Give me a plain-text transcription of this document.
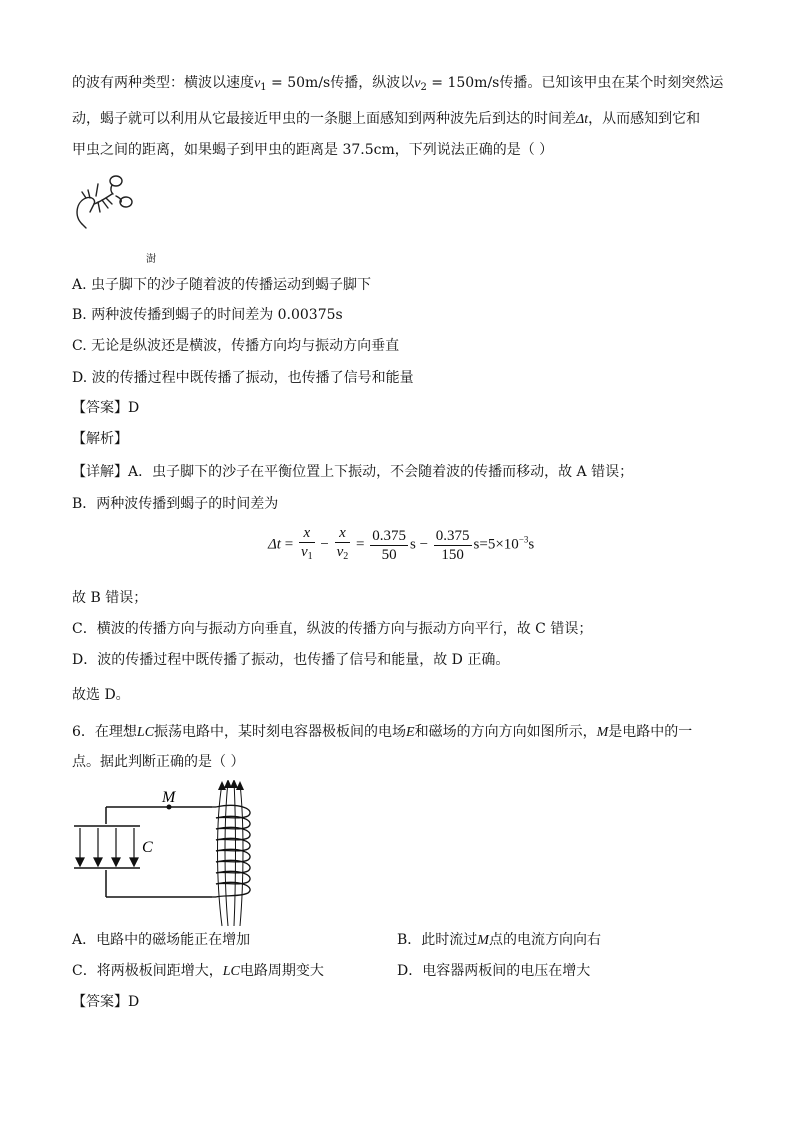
的波有两种类型：横波以速度$v_1 = 50m/s$传播，纵波以$v_2 = 150m/s$传播。已知该甲虫在某个时刻突然运
动，蝎子就可以利用从它最接近甲虫的一条腿上面感知到两种波先后到达的时间差Δt，从而感知到它和
甲虫之间的距离，如果蝎子到甲虫的距离是 37.5cm，下列说法正确的是（ ）
澍
A. 虫子脚下的沙子随着波的传播运动到蝎子脚下
B. 两种波传播到蝎子的时间差为 0.00375s
C. 无论是纵波还是横波，传播方向均与振动方向垂直
D. 波的传播过程中既传播了振动，也传播了信号和能量
【答案】D
【解析】
【详解】A．虫子脚下的沙子在平衡位置上下振动，不会随着波的传播而移动，故 A 错误；
B．两种波传播到蝎子的时间差为
$\Delta t = \frac{x}{v_1} - \frac{x}{v_2} = \frac{0.375}{50}$ $s - \frac{0.375}{150} s=5\times 10^{-3}s$
故 B 错误；
C．横波的传播方向与振动方向垂直，纵波的传播方向与振动方向平行，故 C 错误；
D．波的传播过程中既传播了振动，也传播了信号和能量，故 D 正确。
故选 D。
6．在理想LC振荡电路中，某时刻电容器极板间的电场E和磁场的方向方向如图所示，M是电路中的一
点。据此判断正确的是（ ）
M
C
A．电路中的磁场能正在增加	B．此时流过M点的电流方向向右
C．将两极板间距增大，LC电路周期变大	D．电容器两板间的电压在增大
【答案】D
